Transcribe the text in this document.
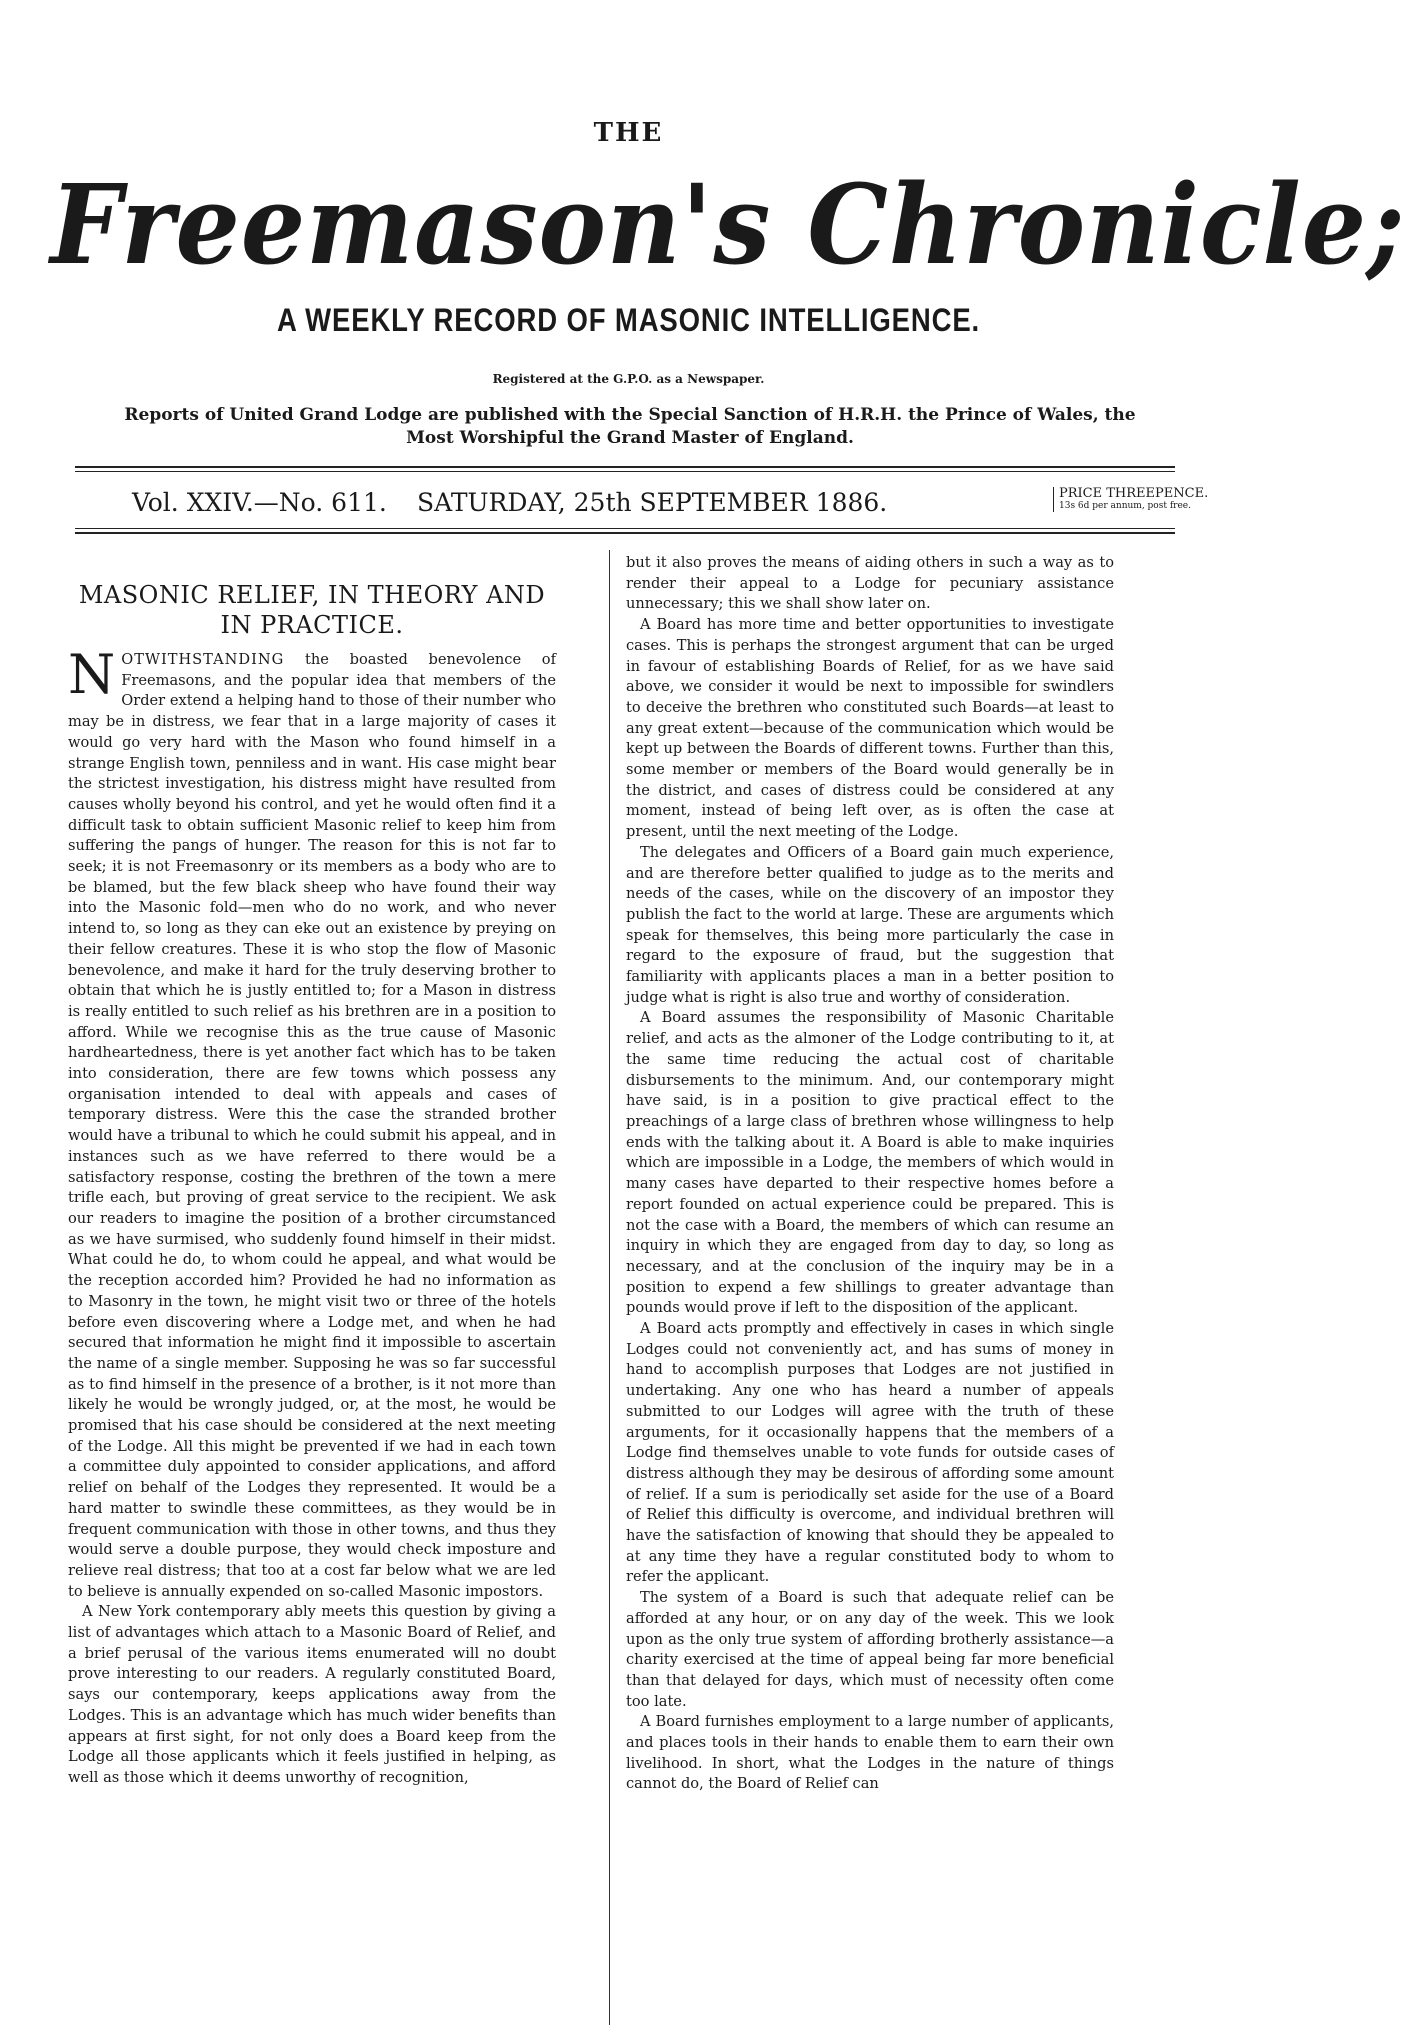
THE
Freemason's Chronicle;
A WEEKLY RECORD OF MASONIC INTELLIGENCE.
Registered at the G.P.O. as a Newspaper.
Reports of United Grand Lodge are published with the Special Sanction of H.R.H. the Prince of Wales, the Most Worshipful the Grand Master of England.
Vol. XXIV.—No. 611. SATURDAY, 25th SEPTEMBER 1886.	PRICE THREEPENCE.
13s 6d per annum, post free.
MASONIC RELIEF, IN THEORY AND IN PRACTICE.

NOTWITHSTANDING the boasted benevolence of Freemasons, and the popular idea that members of the Order extend a helping hand to those of their number who may be in distress, we fear that in a large majority of cases it would go very hard with the Mason who found himself in a strange English town, penniless and in want. His case might bear the strictest investigation, his distress might have resulted from causes wholly beyond his control, and yet he would often find it a difficult task to obtain sufficient Masonic relief to keep him from suffering the pangs of hunger. The reason for this is not far to seek; it is not Freemasonry or its members as a body who are to be blamed, but the few black sheep who have found their way into the Masonic fold—men who do no work, and who never intend to, so long as they can eke out an existence by preying on their fellow creatures. These it is who stop the flow of Masonic benevolence, and make it hard for the truly deserving brother to obtain that which he is justly entitled to; for a Mason in distress is really entitled to such relief as his brethren are in a position to afford. While we recognise this as the true cause of Masonic hardheartedness, there is yet another fact which has to be taken into consideration, there are few towns which possess any organisation intended to deal with appeals and cases of temporary distress. Were this the case the stranded brother would have a tribunal to which he could submit his appeal, and in instances such as we have referred to there would be a satisfactory response, costing the brethren of the town a mere trifle each, but proving of great service to the recipient. We ask our readers to imagine the position of a brother circumstanced as we have surmised, who suddenly found himself in their midst. What could he do, to whom could he appeal, and what would be the reception accorded him? Provided he had no information as to Masonry in the town, he might visit two or three of the hotels before even discovering where a Lodge met, and when he had secured that information he might find it impossible to ascertain the name of a single member. Supposing he was so far successful as to find himself in the presence of a brother, is it not more than likely he would be wrongly judged, or, at the most, he would be promised that his case should be considered at the next meeting of the Lodge. All this might be prevented if we had in each town a committee duly appointed to consider applications, and afford relief on behalf of the Lodges they represented. It would be a hard matter to swindle these committees, as they would be in frequent communication with those in other towns, and thus they would serve a double purpose, they would check imposture and relieve real distress; that too at a cost far below what we are led to believe is annually expended on so-called Masonic impostors.

A New York contemporary ably meets this question by giving a list of advantages which attach to a Masonic Board of Relief, and a brief perusal of the various items enumerated will no doubt prove interesting to our readers. A regularly constituted Board, says our contemporary, keeps applications away from the Lodges. This is an advantage which has much wider benefits than appears at first sight, for not only does a Board keep from the Lodge all those applicants which it feels justified in helping, as well as those which it deems unworthy of recognition,

but it also proves the means of aiding others in such a way as to render their appeal to a Lodge for pecuniary assistance unnecessary; this we shall show later on.

A Board has more time and better opportunities to investigate cases. This is perhaps the strongest argument that can be urged in favour of establishing Boards of Relief, for as we have said above, we consider it would be next to impossible for swindlers to deceive the brethren who constituted such Boards—at least to any great extent—because of the communication which would be kept up between the Boards of different towns. Further than this, some member or members of the Board would generally be in the district, and cases of distress could be considered at any moment, instead of being left over, as is often the case at present, until the next meeting of the Lodge.

The delegates and Officers of a Board gain much experience, and are therefore better qualified to judge as to the merits and needs of the cases, while on the discovery of an impostor they publish the fact to the world at large. These are arguments which speak for themselves, this being more particularly the case in regard to the exposure of fraud, but the suggestion that familiarity with applicants places a man in a better position to judge what is right is also true and worthy of consideration.

A Board assumes the responsibility of Masonic Charitable relief, and acts as the almoner of the Lodge contributing to it, at the same time reducing the actual cost of charitable disbursements to the minimum. And, our contemporary might have said, is in a position to give practical effect to the preachings of a large class of brethren whose willingness to help ends with the talking about it. A Board is able to make inquiries which are impossible in a Lodge, the members of which would in many cases have departed to their respective homes before a report founded on actual experience could be prepared. This is not the case with a Board, the members of which can resume an inquiry in which they are engaged from day to day, so long as necessary, and at the conclusion of the inquiry may be in a position to expend a few shillings to greater advantage than pounds would prove if left to the disposition of the applicant.

A Board acts promptly and effectively in cases in which single Lodges could not conveniently act, and has sums of money in hand to accomplish purposes that Lodges are not justified in undertaking. Any one who has heard a number of appeals submitted to our Lodges will agree with the truth of these arguments, for it occasionally happens that the members of a Lodge find themselves unable to vote funds for outside cases of distress although they may be desirous of affording some amount of relief. If a sum is periodically set aside for the use of a Board of Relief this difficulty is overcome, and individual brethren will have the satisfaction of knowing that should they be appealed to at any time they have a regular constituted body to whom to refer the applicant.

The system of a Board is such that adequate relief can be afforded at any hour, or on any day of the week. This we look upon as the only true system of affording brotherly assistance—a charity exercised at the time of appeal being far more beneficial than that delayed for days, which must of necessity often come too late.

A Board furnishes employment to a large number of applicants, and places tools in their hands to enable them to earn their own livelihood. In short, what the Lodges in the nature of things cannot do, the Board of Relief can
